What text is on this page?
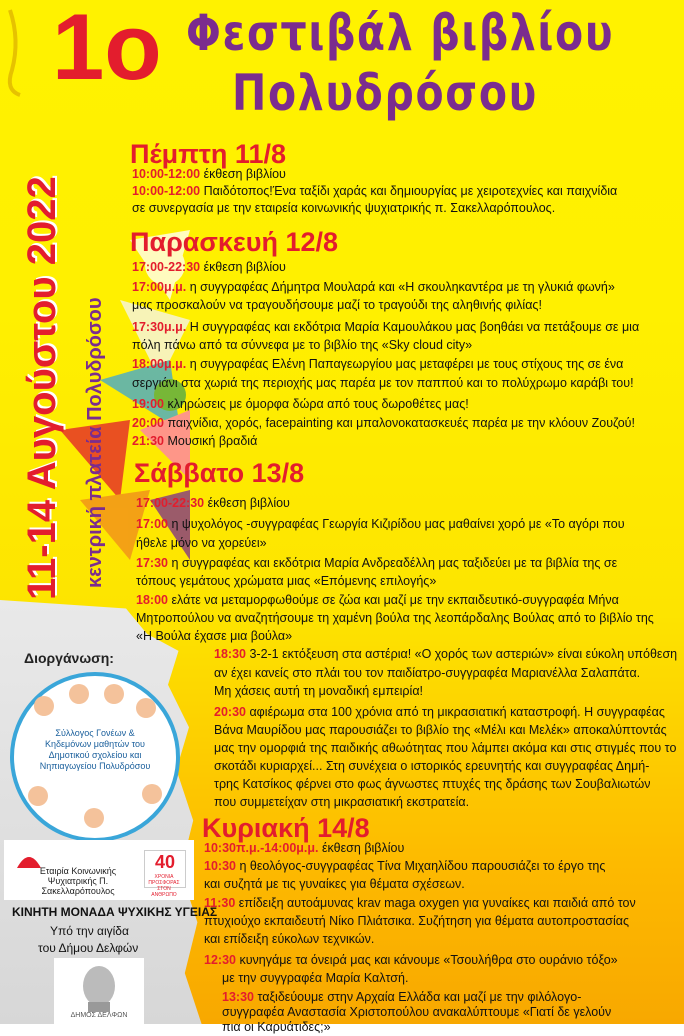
1ο Φεστιβάλ βιβλίου
Πολυδρόσου
11-14 Αυγούστου 2022 κεντρική πλατεία Πολυδρόσου
Πέμπτη 11/8
10:00-12:00 έκθεση βιβλίου
10:00-12:00 Παιδότοπος!Ένα ταξίδι χαράς και δημιουργίας με χειροτεχνίες και παιχνίδια
σε συνεργασία με την εταιρεία κοινωνικής ψυχιατρικής π. Σακελλαρόπουλος.
Παρασκευή 12/8
17:00-22:30 έκθεση βιβλίου
17:00μ.μ. η συγγραφέας Δήμητρα Μουλαρά και «Η σκουληκαντέρα με τη γλυκιά φωνή»
μας προσκαλούν να τραγουδήσουμε μαζί το τραγούδι της αληθινής φιλίας!
17:30μ.μ. Η συγγραφέας και εκδότρια Μαρία Καμουλάκου μας βοηθάει να πετάξουμε σε μια
πόλη πάνω από τα σύννεφα με το βιβλίο της «Sky cloud city»
18:00μ.μ. η συγγραφέας Ελένη Παπαγεωργίου μας μεταφέρει με τους στίχους της σε ένα
σεργιάνι στα χωριά της περιοχής μας παρέα με τον παππού και το πολύχρωμο καράβι του!
19:00 κληρώσεις με όμορφα δώρα από τους δωροθέτες μας!
20:00 παιχνίδια, χορός, facepainting και μπαλονοκατασκευές παρέα με την κλόουν Ζουζού!
21:30 Μουσική βραδιά
Σάββατο 13/8
17:00-22:30 έκθεση βιβλίου
17:00 η ψυχολόγος -συγγραφέας Γεωργία Κιζιρίδου μας μαθαίνει χορό με «Το αγόρι που
ήθελε μόνο να χορεύει»
17:30 η συγγραφέας και εκδότρια Μαρία Ανδρεαδέλλη μας ταξιδεύει με τα βιβλία της σε
τόπους γεμάτους χρώματα μιας «Επόμενης επιλογής»
18:00 ελάτε να μεταμορφωθούμε σε ζώα και μαζί με την εκπαιδευτικό-συγγραφέα Μήνα
Μητροπούλου να αναζητήσουμε τη χαμένη βούλα της λεοπάρδαλης Βούλας από το βιβλίο της
«Η Βούλα έχασε μια βούλα»
18:30 3-2-1 εκτόξευση στα αστέρια! «Ο χορός των αστεριών» είναι εύκολη υπόθεση
αν έχει κανείς στο πλάι του τον παιδίατρο-συγγραφέα Μαριανέλλα Σαλαπάτα.
Μη χάσεις αυτή τη μοναδική εμπειρία!
20:30 αφιέρωμα στα 100 χρόνια από τη μικρασιατική καταστροφή. Η συγγραφέας
Βάνα Μαυρίδου μας παρουσιάζει το βιβλίο της «Μέλι και Μελέκ» αποκαλύπτοντάς
μας την ομορφιά της παιδικής αθωότητας που λάμπει ακόμα και στις στιγμές που το
σκοτάδι κυριαρχεί... Στη συνέχεια ο ιστορικός ερευνητής και συγγραφέας Δημή-
τρης Κατσίκος φέρνει στο φως άγνωστες πτυχές της δράσης των Σουβαλιωτών
που συμμετείχαν στη μικρασιατική εκστρατεία.
Κυριακή 14/8
10:30π.μ.-14:00μ.μ. έκθεση βιβλίου
10:30 η θεολόγος-συγγραφέας Τίνα Μιχαηλίδου παρουσιάζει το έργο της
και συζητά με τις γυναίκες για θέματα σχέσεων.
11:30 επίδειξη αυτοάμυνας krav maga oxygen για γυναίκες και παιδιά από τον
πτυχιούχο εκπαιδευτή Νίκο Πλιάτσικα. Συζήτηση για θέματα αυτοπροστασίας
και επίδειξη εύκολων τεχνικών.
12:30 κυνηγάμε τα όνειρά μας και κάνουμε «Τσουλήθρα στο ουράνιο τόξο»
με την συγγραφέα Μαρία Καλτσή.
13:30 ταξιδεύουμε στην Αρχαία Ελλάδα και μαζί με την φιλόλογο-
συγγραφέα Αναστασία Χριστοπούλου ανακαλύπτουμε «Γιατί δε γελούν
πια οι Καρυάτιδες;»
Διοργάνωση:
Σύλλογος Γονέων & Κηδεμόνων μαθητών του Δημοτικού σχολείου και Νηπιαγωγείου Πολυδρόσου
Εταιρία Κοινωνικής Ψυχιατρικής Π. Σακελλαρόπουλος
40
ΧΡΟΝΙΑ ΠΡΟΣΦΟΡΑΣ ΣΤΟΝ ΑΝΘΡΩΠΟ
ΚΙΝΗΤΗ ΜΟΝΑΔΑ ΨΥΧΙΚΗΣ ΥΓΕΙΑΣ
Υπό την αιγίδα
του Δήμου Δελφών
ΔΗΜΟΣ ΔΕΛΦΩΝ
